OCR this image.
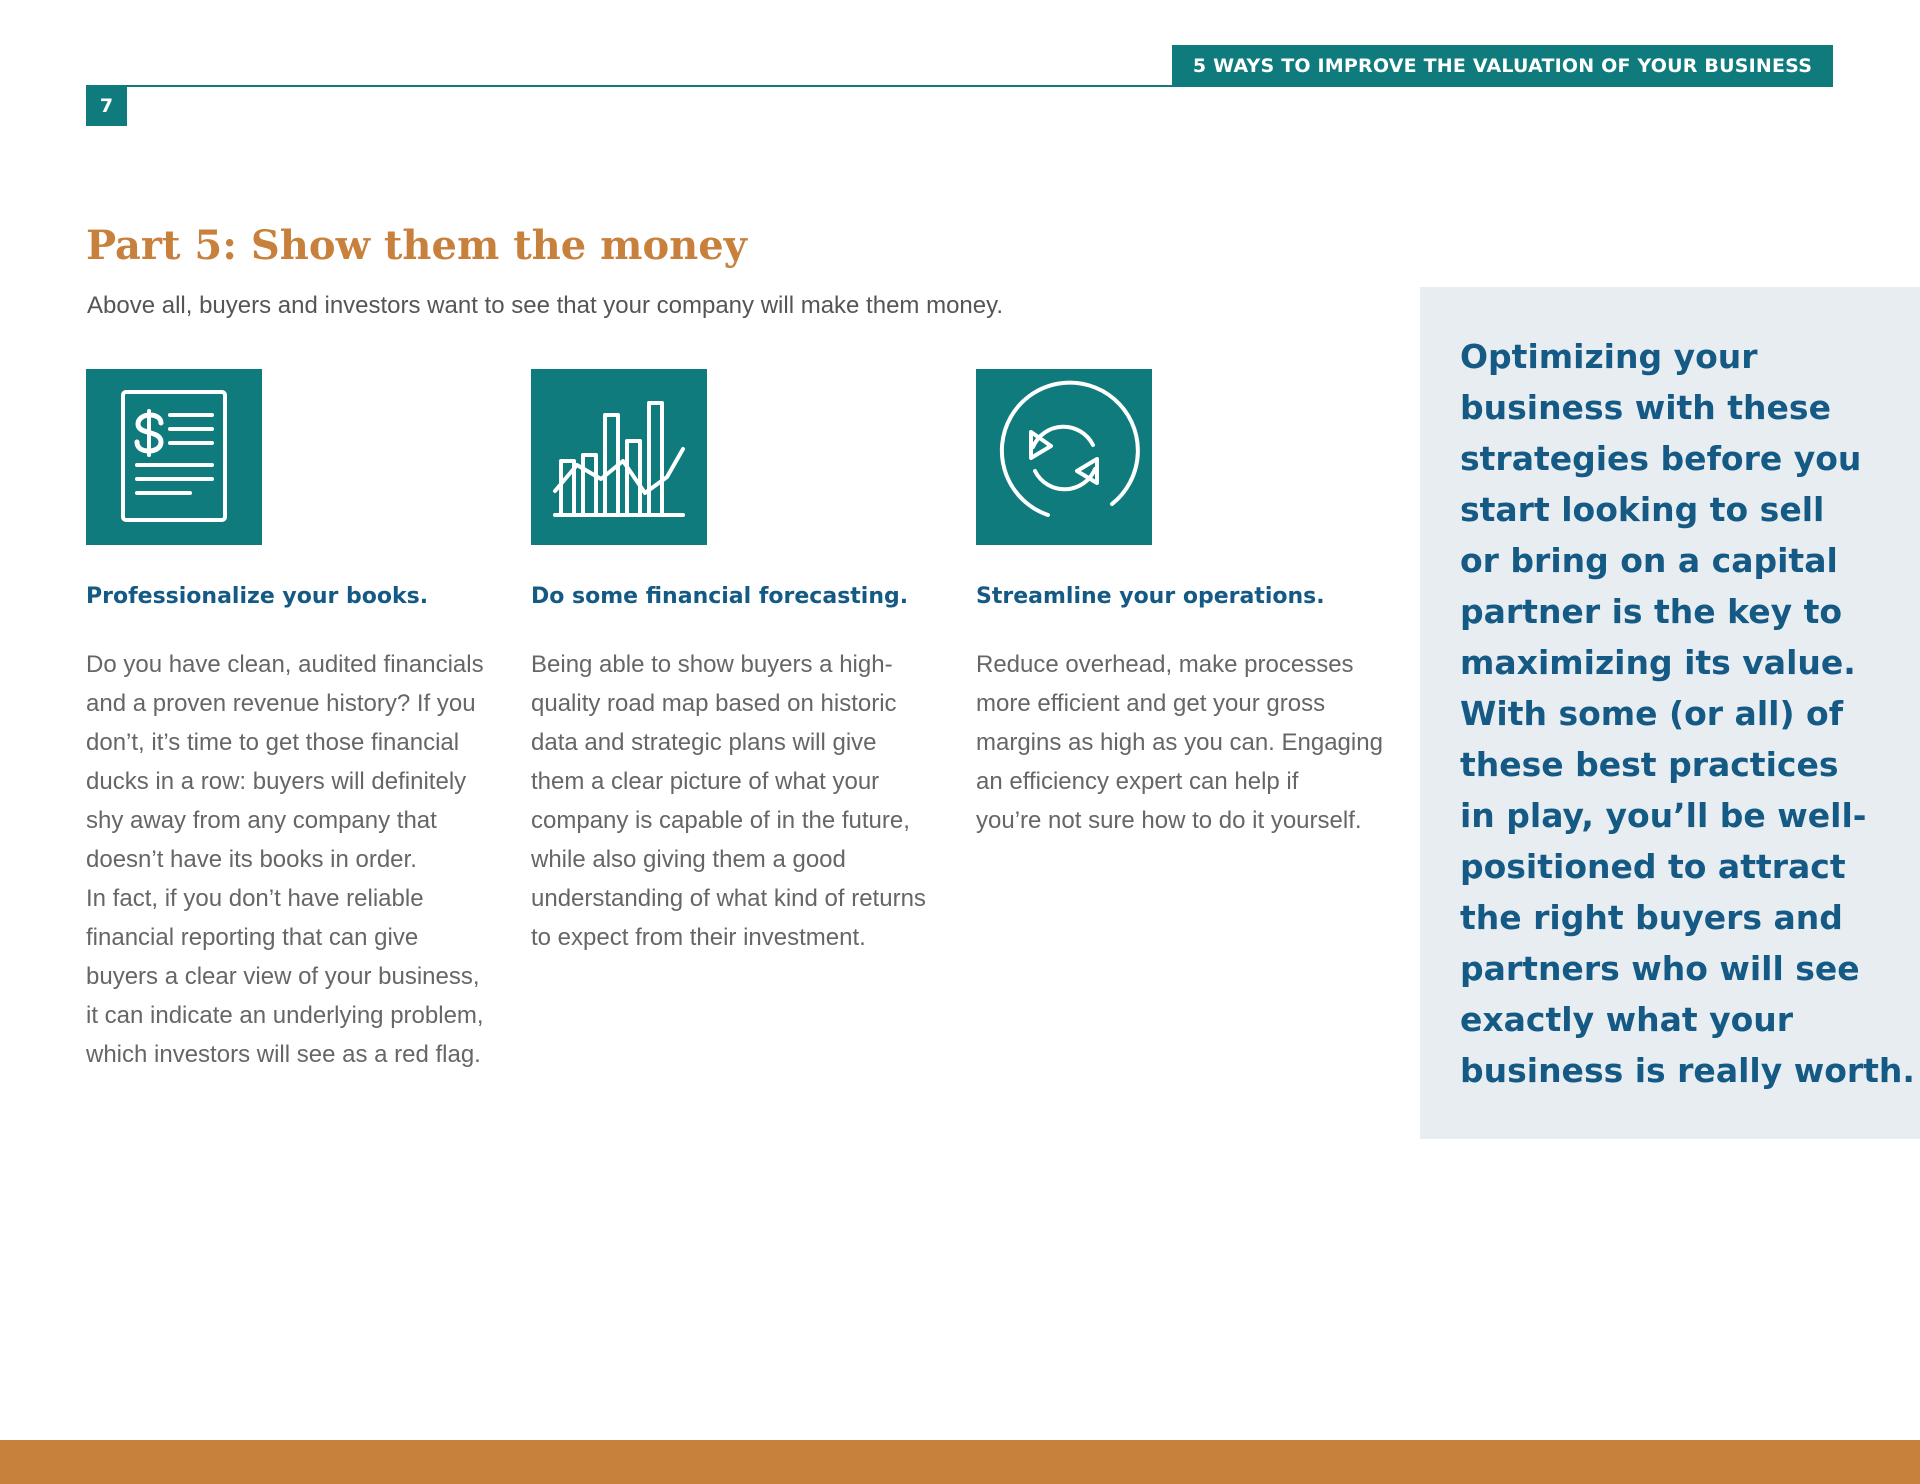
5 WAYS TO IMPROVE THE VALUATION OF YOUR BUSINESS
7
Part 5: Show them the money
Above all, buyers and investors want to see that your company will make them money.
Professionalize your books.
Do you have clean, audited financials
and a proven revenue history? If you
don’t, it’s time to get those financial
ducks in a row: buyers will definitely
shy away from any company that
doesn’t have its books in order.
In fact, if you don’t have reliable
financial reporting that can give
buyers a clear view of your business,
it can indicate an underlying problem,
which investors will see as a red flag.
Do some financial forecasting.
Being able to show buyers a high-
quality road map based on historic
data and strategic plans will give
them a clear picture of what your
company is capable of in the future,
while also giving them a good
understanding of what kind of returns
to expect from their investment.
Streamline your operations.
Reduce overhead, make processes
more efficient and get your gross
margins as high as you can. Engaging
an efficiency expert can help if
you’re not sure how to do it yourself.
Optimizing your
business with these
strategies before you
start looking to sell
or bring on a capital
partner is the key to
maximizing its value.
With some (or all) of
these best practices
in play, you’ll be well-
positioned to attract
the right buyers and
partners who will see
exactly what your
business is really worth.
